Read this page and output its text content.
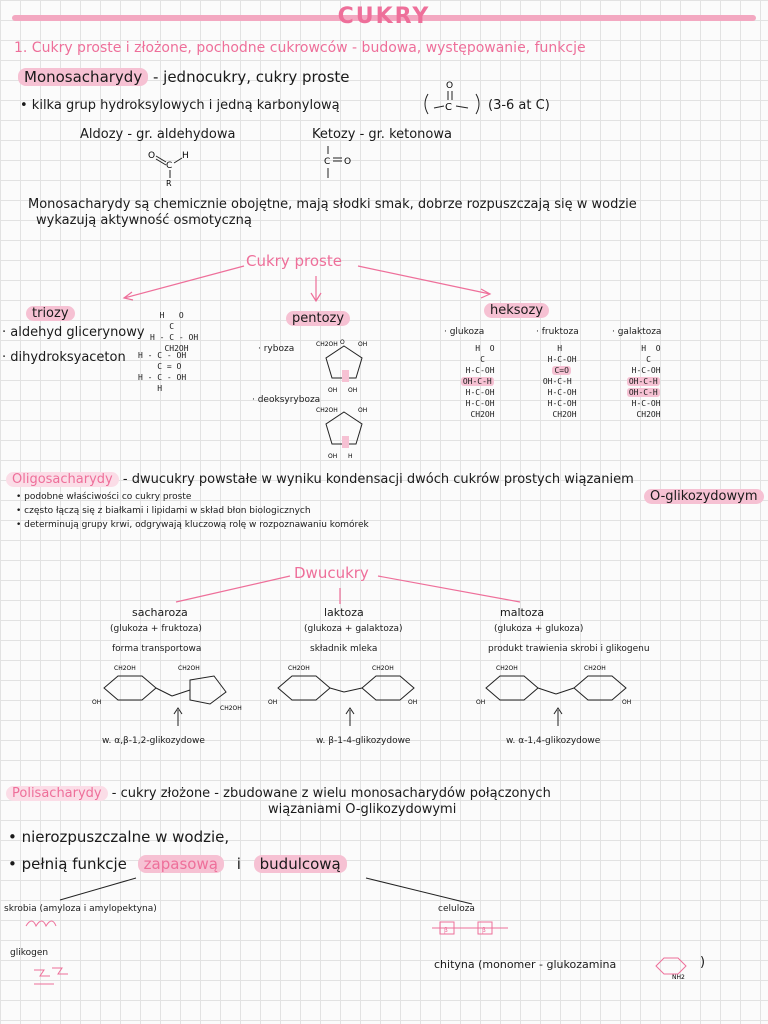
CUKRY
1. Cukry proste i złożone, pochodne cukrowców - budowa, występowanie, funkcje
Monosacharydy - jednocukry, cukry proste
• kilka grup hydroksylowych i jedną karbonylową
O
C	(3-6 at C)
Aldozy - gr. aldehydowa	Ketozy - gr. ketonowa
O
C
H
R
C O
Monosacharydy są chemicznie obojętne, mają słodki smak, dobrze rozpuszczają się w wodzie
wykazują aktywność osmotyczną
Cukry proste
triozy
· aldehyd glicerynowy
· dihydroksyaceton
H   O
C
H - C - OH
CH2OH
H - C - OH
C = O
H - C - OH
H
pentozy
· ryboza
· deoksyryboza
O
CH2OH	OH
OH OH
CH2OH	OH
OH H
heksozy
· glukoza	· fruktoza	· galaktoza
H  O
C
H-C-OH
OH-C-H
H-C-OH
H-C-OH
CH2OH
H
H-C-OH
C=O
OH-C-H
H-C-OH
H-C-OH
CH2OH
H  O
C
H-C-OH
OH-C-H
OH-C-H
H-C-OH
CH2OH
Oligosacharydy - dwucukry powstałe w wyniku kondensacji dwóch cukrów prostych wiązaniem
O-glikozydowym
• podobne właściwości co cukry proste
• często łączą się z białkami i lipidami w skład błon biologicznych
• determinują grupy krwi, odgrywają kluczową rolę w rozpoznawaniu komórek
Dwucukry
sacharoza
(glukoza + fruktoza)
forma transportowa
w. α,β-1,2-glikozydowe
laktoza
(glukoza + galaktoza)
składnik mleka
w. β-1-4-glikozydowe
maltoza
(glukoza + glukoza)
produkt trawienia skrobi i glikogenu
w. α-1,4-glikozydowe
CH2OH	CH2OH
OH
CH2OH
CH2OH	CH2OH
OH	OH
CH2OH	CH2OH
OH	OH
Polisacharydy - cukry złożone - zbudowane z wielu monosacharydów połączonych
wiązaniami O-glikozydowymi
• nierozpuszczalne w wodzie,
• pełnią funkcje zapasową i budulcową
skrobia (amyloza i amylopektyna)	celuloza
β	β
glikogen
chityna (monomer - glukozamina
NH2
)
